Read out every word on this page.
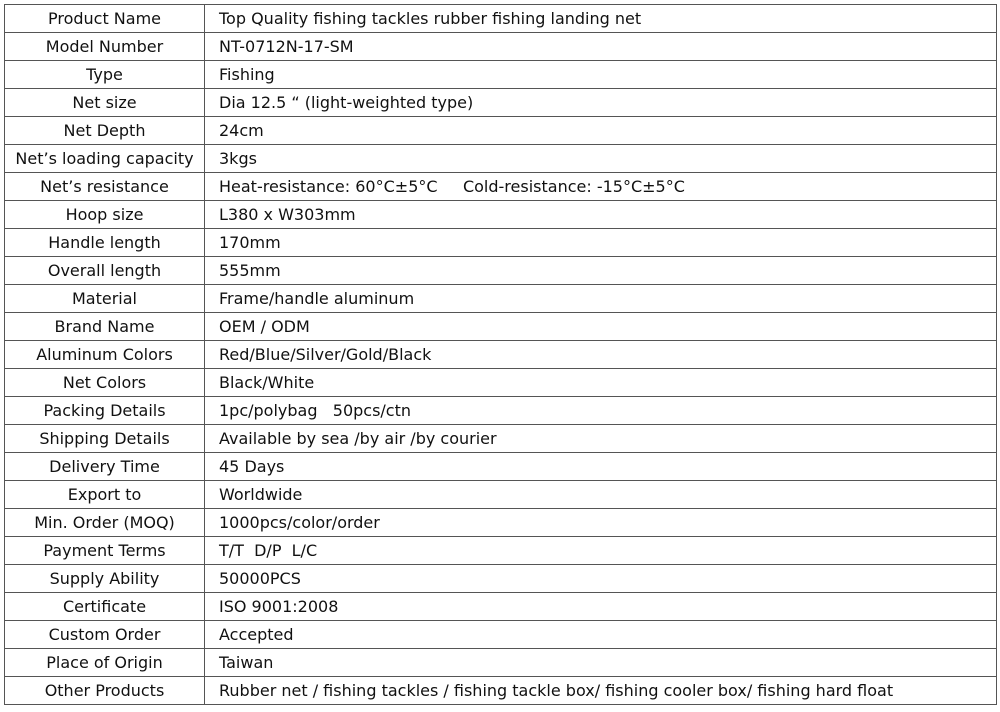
Product Name	Top Quality fishing tackles rubber fishing landing net
Model Number	NT-0712N-17-SM
Type	Fishing
Net size	Dia 12.5 “ (light-weighted type)
Net Depth	24cm
Net’s loading capacity	3kgs
Net’s resistance	Heat-resistance: 60°C±5°C     Cold-resistance: -15°C±5°C
Hoop size	L380 x W303mm
Handle length	170mm
Overall length	555mm
Material	Frame/handle aluminum
Brand Name	OEM / ODM
Aluminum Colors	Red/Blue/Silver/Gold/Black
Net Colors	Black/White
Packing Details	1pc/polybag   50pcs/ctn
Shipping Details	Available by sea /by air /by courier
Delivery Time	45 Days
Export to	Worldwide
Min. Order (MOQ)	1000pcs/color/order
Payment Terms	T/T  D/P  L/C
Supply Ability	50000PCS
Certificate	ISO 9001:2008
Custom Order	Accepted
Place of Origin	Taiwan
Other Products	Rubber net / fishing tackles / fishing tackle box/ fishing cooler box/ fishing hard float
